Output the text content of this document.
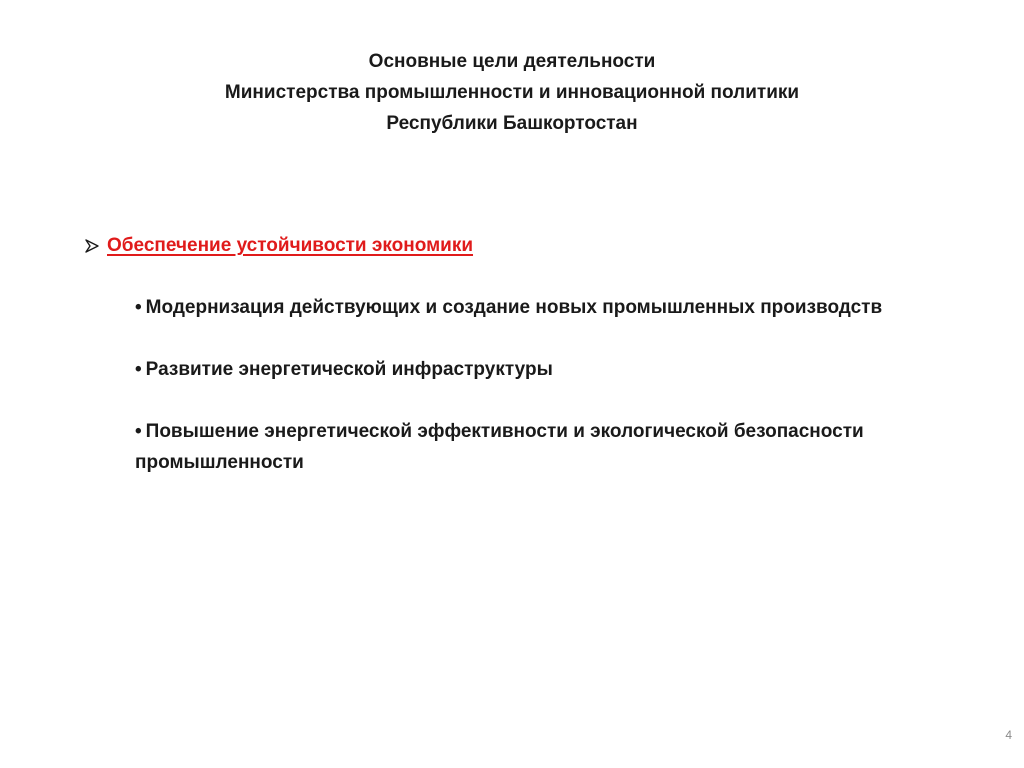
Основные цели деятельности
Министерства промышленности и инновационной политики
Республики Башкортостан
Обеспечение устойчивости экономики
• Модернизация действующих и создание новых промышленных производств
• Развитие энергетической инфраструктуры
• Повышение энергетической эффективности и экологической безопасности промышленности
4
